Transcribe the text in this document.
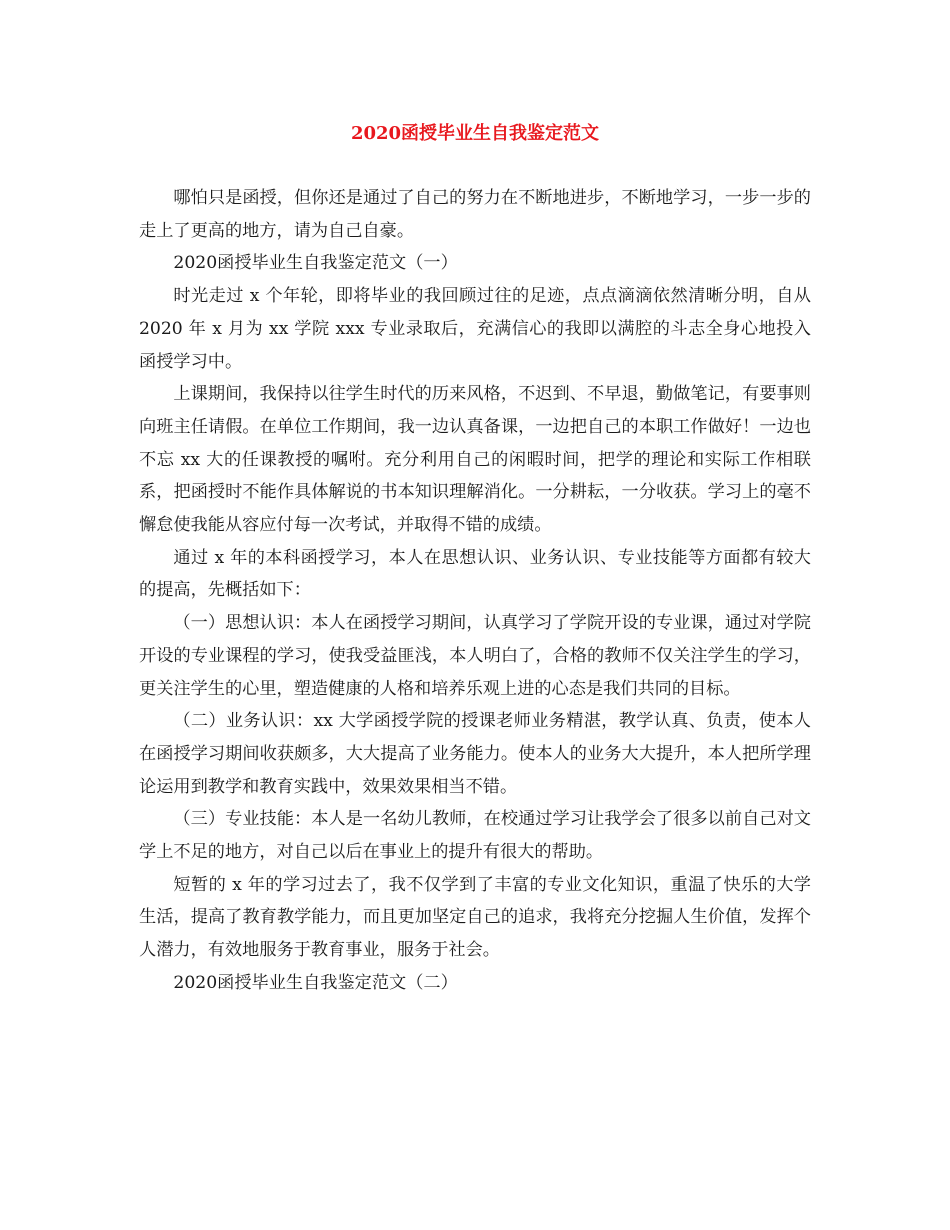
2020函授毕业生自我鉴定范文

哪怕只是函授，但你还是通过了自己的努力在不断地进步，不断地学习，一步一步的走上了更高的地方，请为自己自豪。

2020函授毕业生自我鉴定范文（一）

时光走过 x 个年轮，即将毕业的我回顾过往的足迹，点点滴滴依然清晰分明，自从 2020 年 x 月为 xx 学院 xxx 专业录取后，充满信心的我即以满腔的斗志全身心地投入函授学习中。

上课期间，我保持以往学生时代的历来风格，不迟到、不早退，勤做笔记，有要事则向班主任请假。在单位工作期间，我一边认真备课，一边把自己的本职工作做好！一边也不忘 xx 大的任课教授的嘱咐。充分利用自己的闲暇时间，把学的理论和实际工作相联系，把函授时不能作具体解说的书本知识理解消化。一分耕耘，一分收获。学习上的毫不懈怠使我能从容应付每一次考试，并取得不错的成绩。

通过 x 年的本科函授学习，本人在思想认识、业务认识、专业技能等方面都有较大的提高，先概括如下：

（一）思想认识：本人在函授学习期间，认真学习了学院开设的专业课，通过对学院开设的专业课程的学习，使我受益匪浅，本人明白了，合格的教师不仅关注学生的学习，更关注学生的心里，塑造健康的人格和培养乐观上进的心态是我们共同的目标。

（二）业务认识：xx 大学函授学院的授课老师业务精湛，教学认真、负责，使本人在函授学习期间收获颇多，大大提高了业务能力。使本人的业务大大提升，本人把所学理论运用到教学和教育实践中，效果效果相当不错。

（三）专业技能：本人是一名幼儿教师，在校通过学习让我学会了很多以前自己对文学上不足的地方，对自己以后在事业上的提升有很大的帮助。

短暂的 x 年的学习过去了，我不仅学到了丰富的专业文化知识，重温了快乐的大学生活，提高了教育教学能力，而且更加坚定自己的追求，我将充分挖掘人生价值，发挥个人潜力，有效地服务于教育事业，服务于社会。

2020函授毕业生自我鉴定范文（二）
